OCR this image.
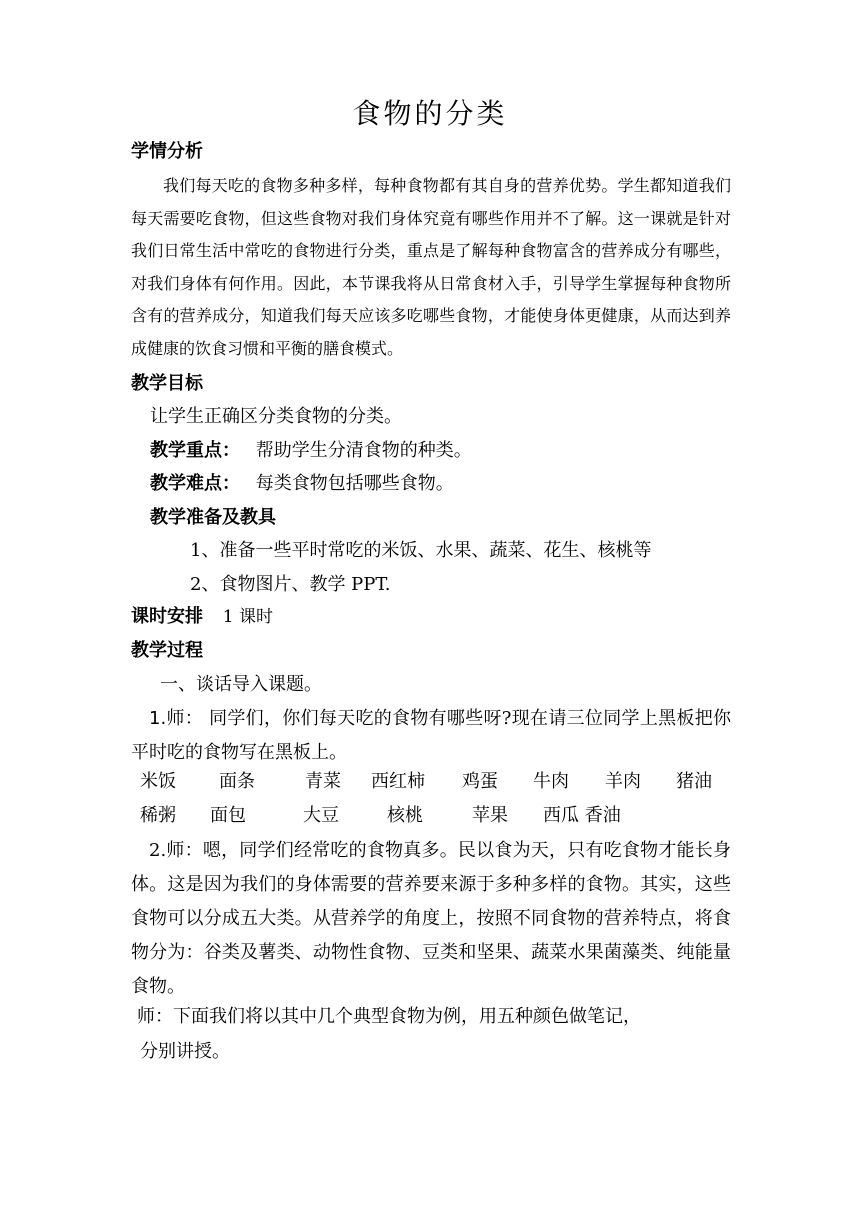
食物的分类
学情分析
我们每天吃的食物多种多样，每种食物都有其自身的营养优势。学生都知道我们每天需要吃食物，但这些食物对我们身体究竟有哪些作用并不了解。这一课就是针对我们日常生活中常吃的食物进行分类，重点是了解每种食物富含的营养成分有哪些，对我们身体有何作用。因此，本节课我将从日常食材入手，引导学生掌握每种食物所含有的营养成分，知道我们每天应该多吃哪些食物，才能使身体更健康，从而达到养成健康的饮食习惯和平衡的膳食模式。
教学目标
让学生正确区分类食物的分类。
教学重点： 帮助学生分清食物的种类。
教学难点： 每类食物包括哪些食物。
教学准备及教具
1、准备一些平时常吃的米饭、水果、蔬菜、花生、核桃等
2、食物图片、教学 PPT.
课时安排 1 课时
教学过程
一、谈话导入课题。
1.师： 同学们，你们每天吃的食物有哪些呀?现在请三位同学上黑板把你平时吃的食物写在黑板上。
米饭 面条	青菜 西红柿 鸡蛋 牛肉 羊肉 猪油
稀粥 面包	大豆	核桃	苹果 西瓜 香油
2.师：嗯，同学们经常吃的食物真多。民以食为天，只有吃食物才能长身体。这是因为我们的身体需要的营养要来源于多种多样的食物。其实，这些食物可以分成五大类。从营养学的角度上，按照不同食物的营养特点，将食物分为：谷类及薯类、动物性食物、豆类和坚果、蔬菜水果菌藻类、纯能量食物。
师：下面我们将以其中几个典型食物为例，用五种颜色做笔记，
分别讲授。
